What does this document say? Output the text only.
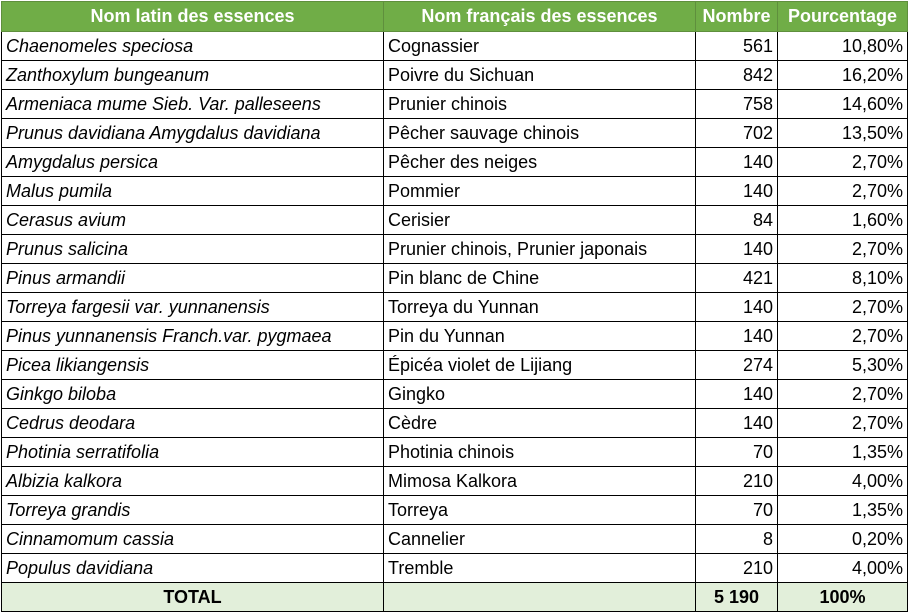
Nom latin des essences	Nom français des essences	Nombre	Pourcentage
Chaenomeles speciosa	Cognassier	561	10,80%
Zanthoxylum bungeanum	Poivre du Sichuan	842	16,20%
Armeniaca mume Sieb. Var. palleseens	Prunier chinois	758	14,60%
Prunus davidiana Amygdalus davidiana	Pêcher sauvage chinois	702	13,50%
Amygdalus persica	Pêcher des neiges	140	2,70%
Malus pumila	Pommier	140	2,70%
Cerasus avium	Cerisier	84	1,60%
Prunus salicina	Prunier chinois, Prunier japonais	140	2,70%
Pinus armandii	Pin blanc de Chine	421	8,10%
Torreya fargesii var. yunnanensis	Torreya du Yunnan	140	2,70%
Pinus yunnanensis Franch.var. pygmaea	Pin du Yunnan	140	2,70%
Picea likiangensis	Épicéa violet de Lijiang	274	5,30%
Ginkgo biloba	Gingko	140	2,70%
Cedrus deodara	Cèdre	140	2,70%
Photinia serratifolia	Photinia chinois	70	1,35%
Albizia kalkora	Mimosa Kalkora	210	4,00%
Torreya grandis	Torreya	70	1,35%
Cinnamomum cassia	Cannelier	8	0,20%
Populus davidiana	Tremble	210	4,00%
TOTAL		5 190	100%
